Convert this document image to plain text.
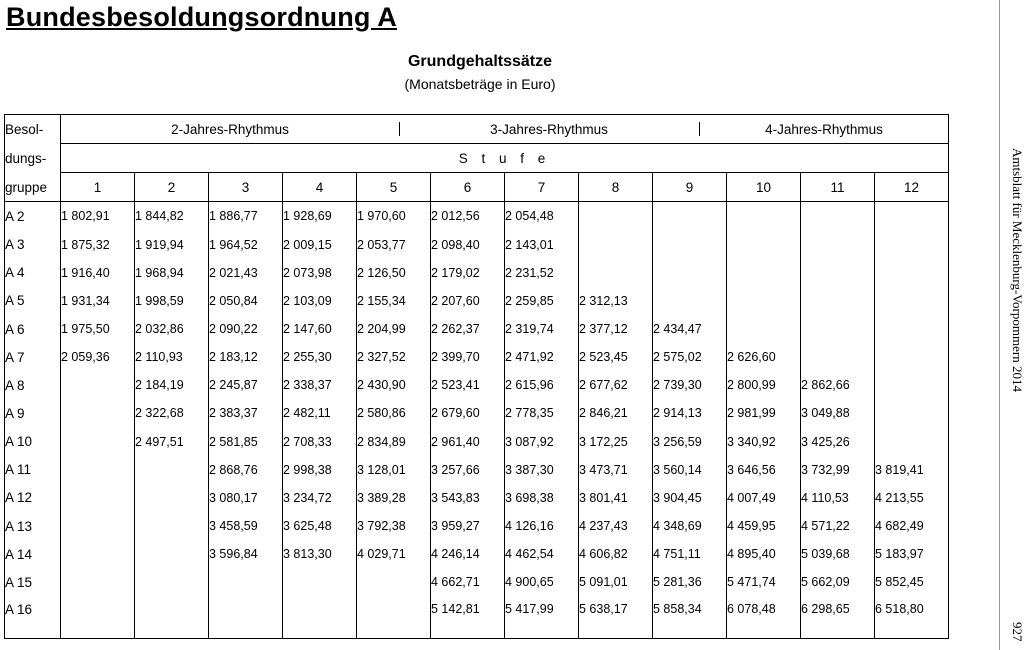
Bundesbesoldungsordnung A
Grundgehaltssätze
(Monatsbeträge in Euro)
Amtsblatt für Mecklenburg-Vorpommern 2014
927
Besol-	2-Jahres-Rhythmus 3-Jahres-Rhythmus 4-Jahres-Rhythmus											

dungs-	S t u f e											
gruppe	1	2	3	4	5	6	7	8	9	10	11	12
A 2	1 802,91	1 844,82	1 886,77	1 928,69	1 970,60	2 012,56	2 054,48					
A 3	1 875,32	1 919,94	1 964,52	2 009,15	2 053,77	2 098,40	2 143,01					
A 4	1 916,40	1 968,94	2 021,43	2 073,98	2 126,50	2 179,02	2 231,52					
A 5	1 931,34	1 998,59	2 050,84	2 103,09	2 155,34	2 207,60	2 259,85	2 312,13				
A 6	1 975,50	2 032,86	2 090,22	2 147,60	2 204,99	2 262,37	2 319,74	2 377,12	2 434,47			
A 7	2 059,36	2 110,93	2 183,12	2 255,30	2 327,52	2 399,70	2 471,92	2 523,45	2 575,02	2 626,60		
A 8		2 184,19	2 245,87	2 338,37	2 430,90	2 523,41	2 615,96	2 677,62	2 739,30	2 800,99	2 862,66	
A 9		2 322,68	2 383,37	2 482,11	2 580,86	2 679,60	2 778,35	2 846,21	2 914,13	2 981,99	3 049,88	
A 10		2 497,51	2 581,85	2 708,33	2 834,89	2 961,40	3 087,92	3 172,25	3 256,59	3 340,92	3 425,26	
A 11			2 868,76	2 998,38	3 128,01	3 257,66	3 387,30	3 473,71	3 560,14	3 646,56	3 732,99	3 819,41
A 12			3 080,17	3 234,72	3 389,28	3 543,83	3 698,38	3 801,41	3 904,45	4 007,49	4 110,53	4 213,55
A 13			3 458,59	3 625,48	3 792,38	3 959,27	4 126,16	4 237,43	4 348,69	4 459,95	4 571,22	4 682,49
A 14			3 596,84	3 813,30	4 029,71	4 246,14	4 462,54	4 606,82	4 751,11	4 895,40	5 039,68	5 183,97
A 15						4 662,71	4 900,65	5 091,01	5 281,36	5 471,74	5 662,09	5 852,45
A 16						5 142,81	5 417,99	5 638,17	5 858,34	6 078,48	6 298,65	6 518,80
